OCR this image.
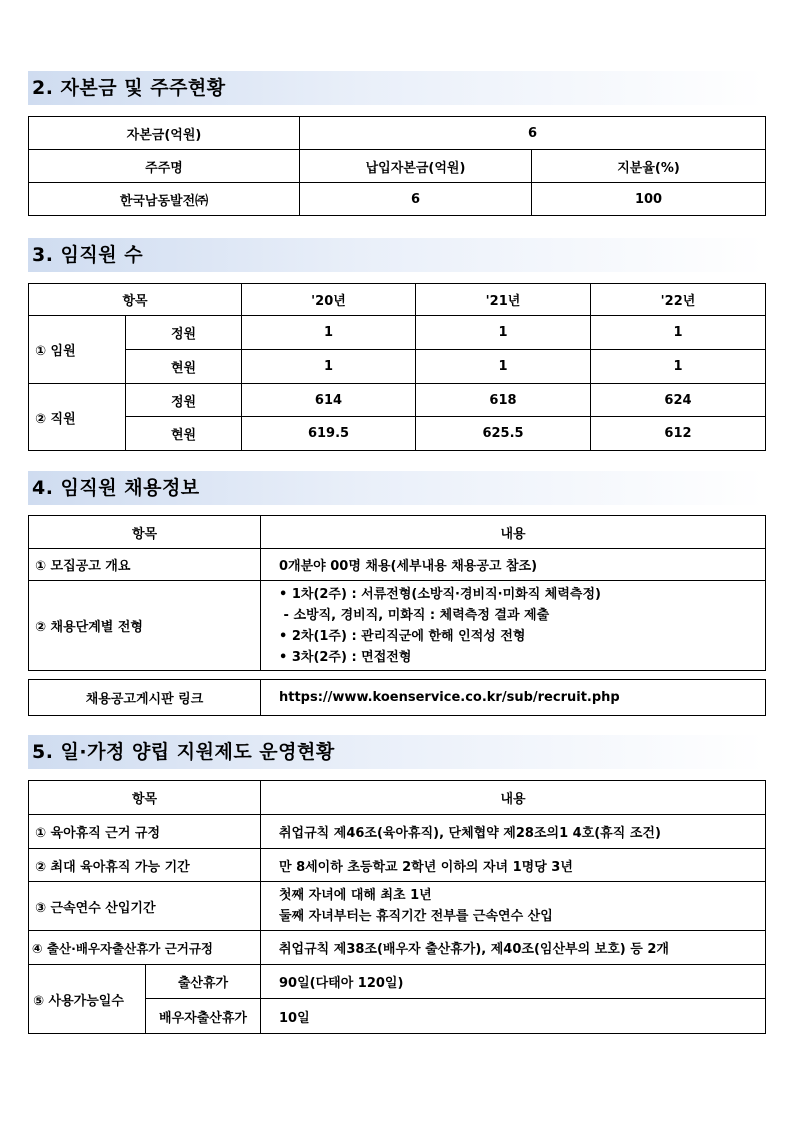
2. 자본금 및 주주현황
자본금(억원)	6	
주주명	납입자본금(억원)	지분율(%)
한국남동발전㈜	6	100
3. 임직원 수
항목		'20년	'21년	'22년
① 임원	정원	1	1	1
	현원	1	1	1
② 직원	정원	614	618	624
	현원	619.5	625.5	612
4. 임직원 채용정보
항목	내용
① 모집공고 개요	0개분야 00명 채용(세부내용 채용공고 참조)
② 채용단계별 전형	• 1차(2주) : 서류전형(소방직·경비직·미화직 체력측정)
- 소방직, 경비직, 미화직 : 체력측정 결과 제출
• 2차(1주) : 관리직군에 한해 인적성 전형
• 3차(2주) : 면접전형
채용공고게시판 링크	https://www.koenservice.co.kr/sub/recruit.php
5. 일·가정 양립 지원제도 운영현황
항목		내용
① 육아휴직 근거 규정		취업규칙 제46조(육아휴직), 단체협약 제28조의1 4호(휴직 조건)
② 최대 육아휴직 가능 기간		만 8세이하 초등학교 2학년 이하의 자녀 1명당 3년
③ 근속연수 산입기간		첫째 자녀에 대해 최초 1년
둘째 자녀부터는 휴직기간 전부를 근속연수 산입

④ 출산·배우자출산휴가 근거규정		취업규칙 제38조(배우자 출산휴가), 제40조(임산부의 보호) 등 2개
⑤ 사용가능일수	출산휴가	90일(다태아 120일)
	배우자출산휴가	10일
